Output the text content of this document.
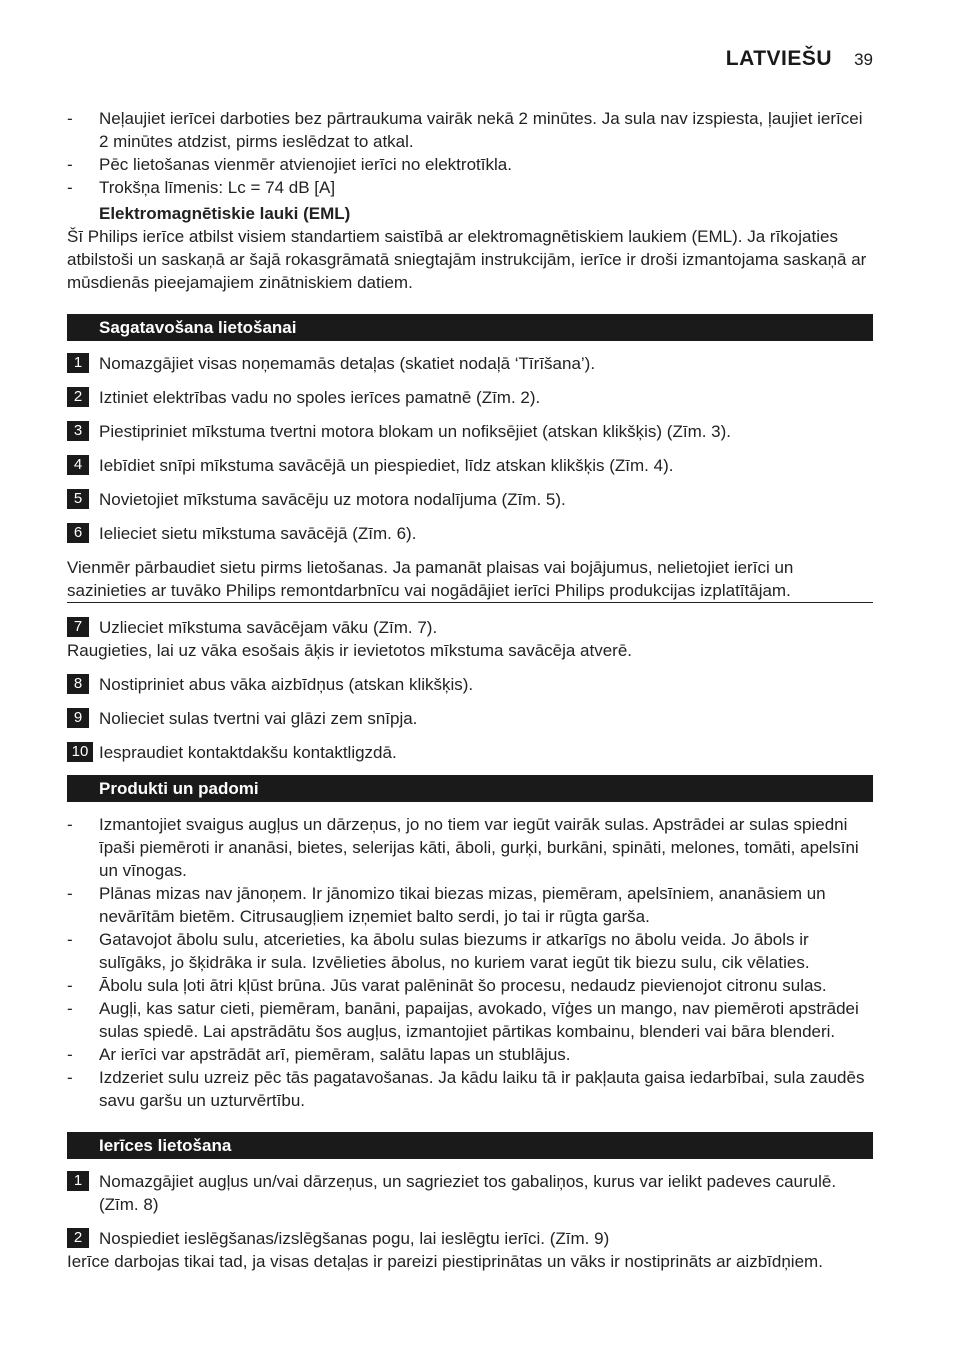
LATVIEŠU 39
- Neļaujiet ierīcei darboties bez pārtraukuma vairāk nekā 2 minūtes. Ja sula nav izspiesta, ļaujiet ierīcei 2 minūtes atdzist, pirms ieslēdzat to atkal.
- Pēc lietošanas vienmēr atvienojiet ierīci no elektrotīkla.
- Trokšņa līmenis: Lc = 74 dB [A]
Elektromagnētiskie lauki (EML)

Šī Philips ierīce atbilst visiem standartiem saistībā ar elektromagnētiskiem laukiem (EML). Ja rīkojaties atbilstoši un saskaņā ar šajā rokasgrāmatā sniegtajām instrukcijām, ierīce ir droši izmantojama saskaņā ar mūsdienās pieejamajiem zinātniskiem datiem.

Sagatavošana lietošanai
1 Nomazgājiet visas noņemamās detaļas (skatiet nodaļā ‘Tīrīšana’).
2 Iztiniet elektrības vadu no spoles ierīces pamatnē (Zīm. 2).
3 Piestipriniet mīkstuma tvertni motora blokam un nofiksējiet (atskan klikšķis) (Zīm. 3).
4 Iebīdiet snīpi mīkstuma savācējā un piespiediet, līdz atskan klikšķis (Zīm. 4).
5 Novietojiet mīkstuma savācēju uz motora nodalījuma (Zīm. 5).
6 Ielieciet sietu mīkstuma savācējā (Zīm. 6).

Vienmēr pārbaudiet sietu pirms lietošanas. Ja pamanāt plaisas vai bojājumus, nelietojiet ierīci un sazinieties ar tuvāko Philips remontdarbnīcu vai nogādājiet ierīci Philips produkcijas izplatītājam.

7 Uzlieciet mīkstuma savācējam vāku (Zīm. 7).

Raugieties, lai uz vāka esošais āķis ir ievietotos mīkstuma savācēja atverē.

8 Nostipriniet abus vāka aizbīdņus (atskan klikšķis).
9 Nolieciet sulas tvertni vai glāzi zem snīpja.
10 Iespraudiet kontaktdakšu kontaktligzdā.
Produkti un padomi
- Izmantojiet svaigus augļus un dārzeņus, jo no tiem var iegūt vairāk sulas. Apstrādei ar sulas spiedni īpaši piemēroti ir ananāsi, bietes, selerijas kāti, āboli, gurķi, burkāni, spināti, melones, tomāti, apelsīni un vīnogas.
- Plānas mizas nav jānoņem. Ir jānomizo tikai biezas mizas, piemēram, apelsīniem, ananāsiem un nevārītām bietēm. Citrusaugļiem izņemiet balto serdi, jo tai ir rūgta garša.
- Gatavojot ābolu sulu, atcerieties, ka ābolu sulas biezums ir atkarīgs no ābolu veida. Jo ābols ir sulīgāks, jo šķidrāka ir sula. Izvēlieties ābolus, no kuriem varat iegūt tik biezu sulu, cik vēlaties.
- Ābolu sula ļoti ātri kļūst brūna. Jūs varat palēnināt šo procesu, nedaudz pievienojot citronu sulas.
- Augļi, kas satur cieti, piemēram, banāni, papaijas, avokado, vīģes un mango, nav piemēroti apstrādei sulas spiedē. Lai apstrādātu šos augļus, izmantojiet pārtikas kombainu, blenderi vai bāra blenderi.
- Ar ierīci var apstrādāt arī, piemēram, salātu lapas un stublājus.
- Izdzeriet sulu uzreiz pēc tās pagatavošanas. Ja kādu laiku tā ir pakļauta gaisa iedarbībai, sula zaudēs savu garšu un uzturvērtību.
Ierīces lietošana
1 Nomazgājiet augļus un/vai dārzeņus, un sagrieziet tos gabaliņos, kurus var ielikt padeves caurulē. (Zīm. 8)
2 Nospiediet ieslēgšanas/izslēgšanas pogu, lai ieslēgtu ierīci. (Zīm. 9)

Ierīce darbojas tikai tad, ja visas detaļas ir pareizi piestiprinātas un vāks ir nostiprināts ar aizbīdņiem.
